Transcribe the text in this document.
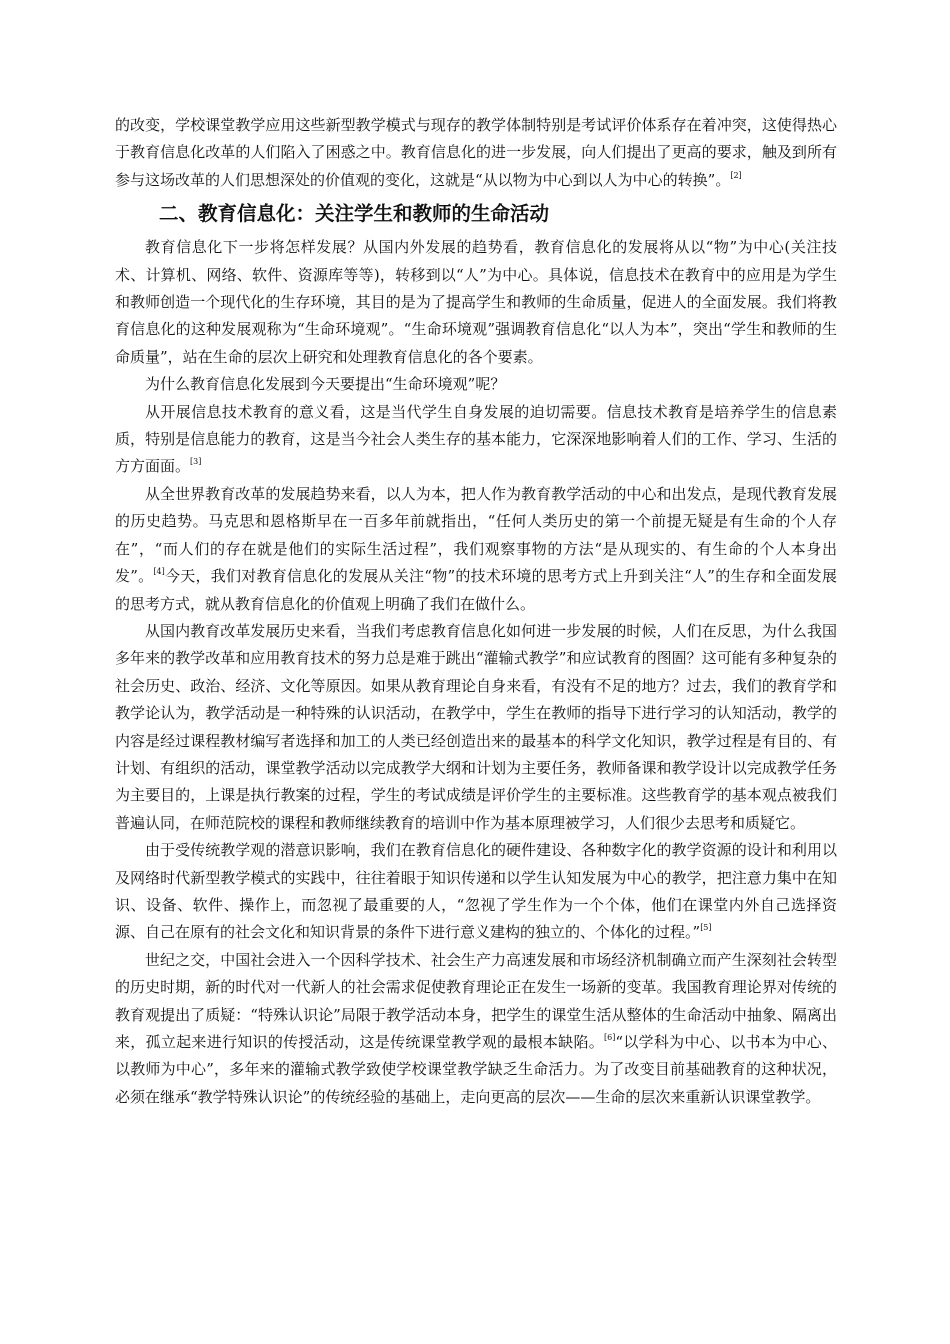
的改变，学校课堂教学应用这些新型教学模式与现存的教学体制特别是考试评价体系存在着冲突，这使得热心于教育信息化改革的人们陷入了困惑之中。教育信息化的进一步发展，向人们提出了更高的要求，触及到所有参与这场改革的人们思想深处的价值观的变化，这就是“从以物为中心到以人为中心的转换”。[2]

二、教育信息化：关注学生和教师的生命活动

教育信息化下一步将怎样发展？从国内外发展的趋势看，教育信息化的发展将从以“物”为中心(关注技术、计算机、网络、软件、资源库等等)，转移到以“人”为中心。具体说，信息技术在教育中的应用是为学生和教师创造一个现代化的生存环境，其目的是为了提高学生和教师的生命质量，促进人的全面发展。我们将教育信息化的这种发展观称为“生命环境观”。“生命环境观”强调教育信息化“以人为本”，突出“学生和教师的生命质量”，站在生命的层次上研究和处理教育信息化的各个要素。

为什么教育信息化发展到今天要提出“生命环境观”呢？

从开展信息技术教育的意义看，这是当代学生自身发展的迫切需要。信息技术教育是培养学生的信息素质，特别是信息能力的教育，这是当今社会人类生存的基本能力，它深深地影响着人们的工作、学习、生活的方方面面。[3]

从全世界教育改革的发展趋势来看，以人为本，把人作为教育教学活动的中心和出发点，是现代教育发展的历史趋势。马克思和恩格斯早在一百多年前就指出，“任何人类历史的第一个前提无疑是有生命的个人存在”，“而人们的存在就是他们的实际生活过程”，我们观察事物的方法“是从现实的、有生命的个人本身出发”。[4]今天，我们对教育信息化的发展从关注“物”的技术环境的思考方式上升到关注“人”的生存和全面发展的思考方式，就从教育信息化的价值观上明确了我们在做什么。

从国内教育改革发展历史来看，当我们考虑教育信息化如何进一步发展的时候，人们在反思，为什么我国多年来的教学改革和应用教育技术的努力总是难于跳出“灌输式教学”和应试教育的图圄？这可能有多种复杂的社会历史、政治、经济、文化等原因。如果从教育理论自身来看，有没有不足的地方？过去，我们的教育学和教学论认为，教学活动是一种特殊的认识活动，在教学中，学生在教师的指导下进行学习的认知活动，教学的内容是经过课程教材编写者选择和加工的人类已经创造出来的最基本的科学文化知识，教学过程是有目的、有计划、有组织的活动，课堂教学活动以完成教学大纲和计划为主要任务，教师备课和教学设计以完成教学任务为主要目的，上课是执行教案的过程，学生的考试成绩是评价学生的主要标准。这些教育学的基本观点被我们普遍认同，在师范院校的课程和教师继续教育的培训中作为基本原理被学习，人们很少去思考和质疑它。

由于受传统教学观的潜意识影响，我们在教育信息化的硬件建设、各种数字化的教学资源的设计和利用以及网络时代新型教学模式的实践中，往往着眼于知识传递和以学生认知发展为中心的教学，把注意力集中在知识、设备、软件、操作上，而忽视了最重要的人，“忽视了学生作为一个个体，他们在课堂内外自己选择资源、自己在原有的社会文化和知识背景的条件下进行意义建构的独立的、个体化的过程。”[5]

世纪之交，中国社会进入一个因科学技术、社会生产力高速发展和市场经济机制确立而产生深刻社会转型的历史时期，新的时代对一代新人的社会需求促使教育理论正在发生一场新的变革。我国教育理论界对传统的教育观提出了质疑：“特殊认识论”局限于教学活动本身，把学生的课堂生活从整体的生命活动中抽象、隔离出来，孤立起来进行知识的传授活动，这是传统课堂教学观的最根本缺陷。[6]“以学科为中心、以书本为中心、以教师为中心”，多年来的灌输式教学致使学校课堂教学缺乏生命活力。为了改变目前基础教育的这种状况，必须在继承“教学特殊认识论”的传统经验的基础上，走向更高的层次——生命的层次来重新认识课堂教学。
